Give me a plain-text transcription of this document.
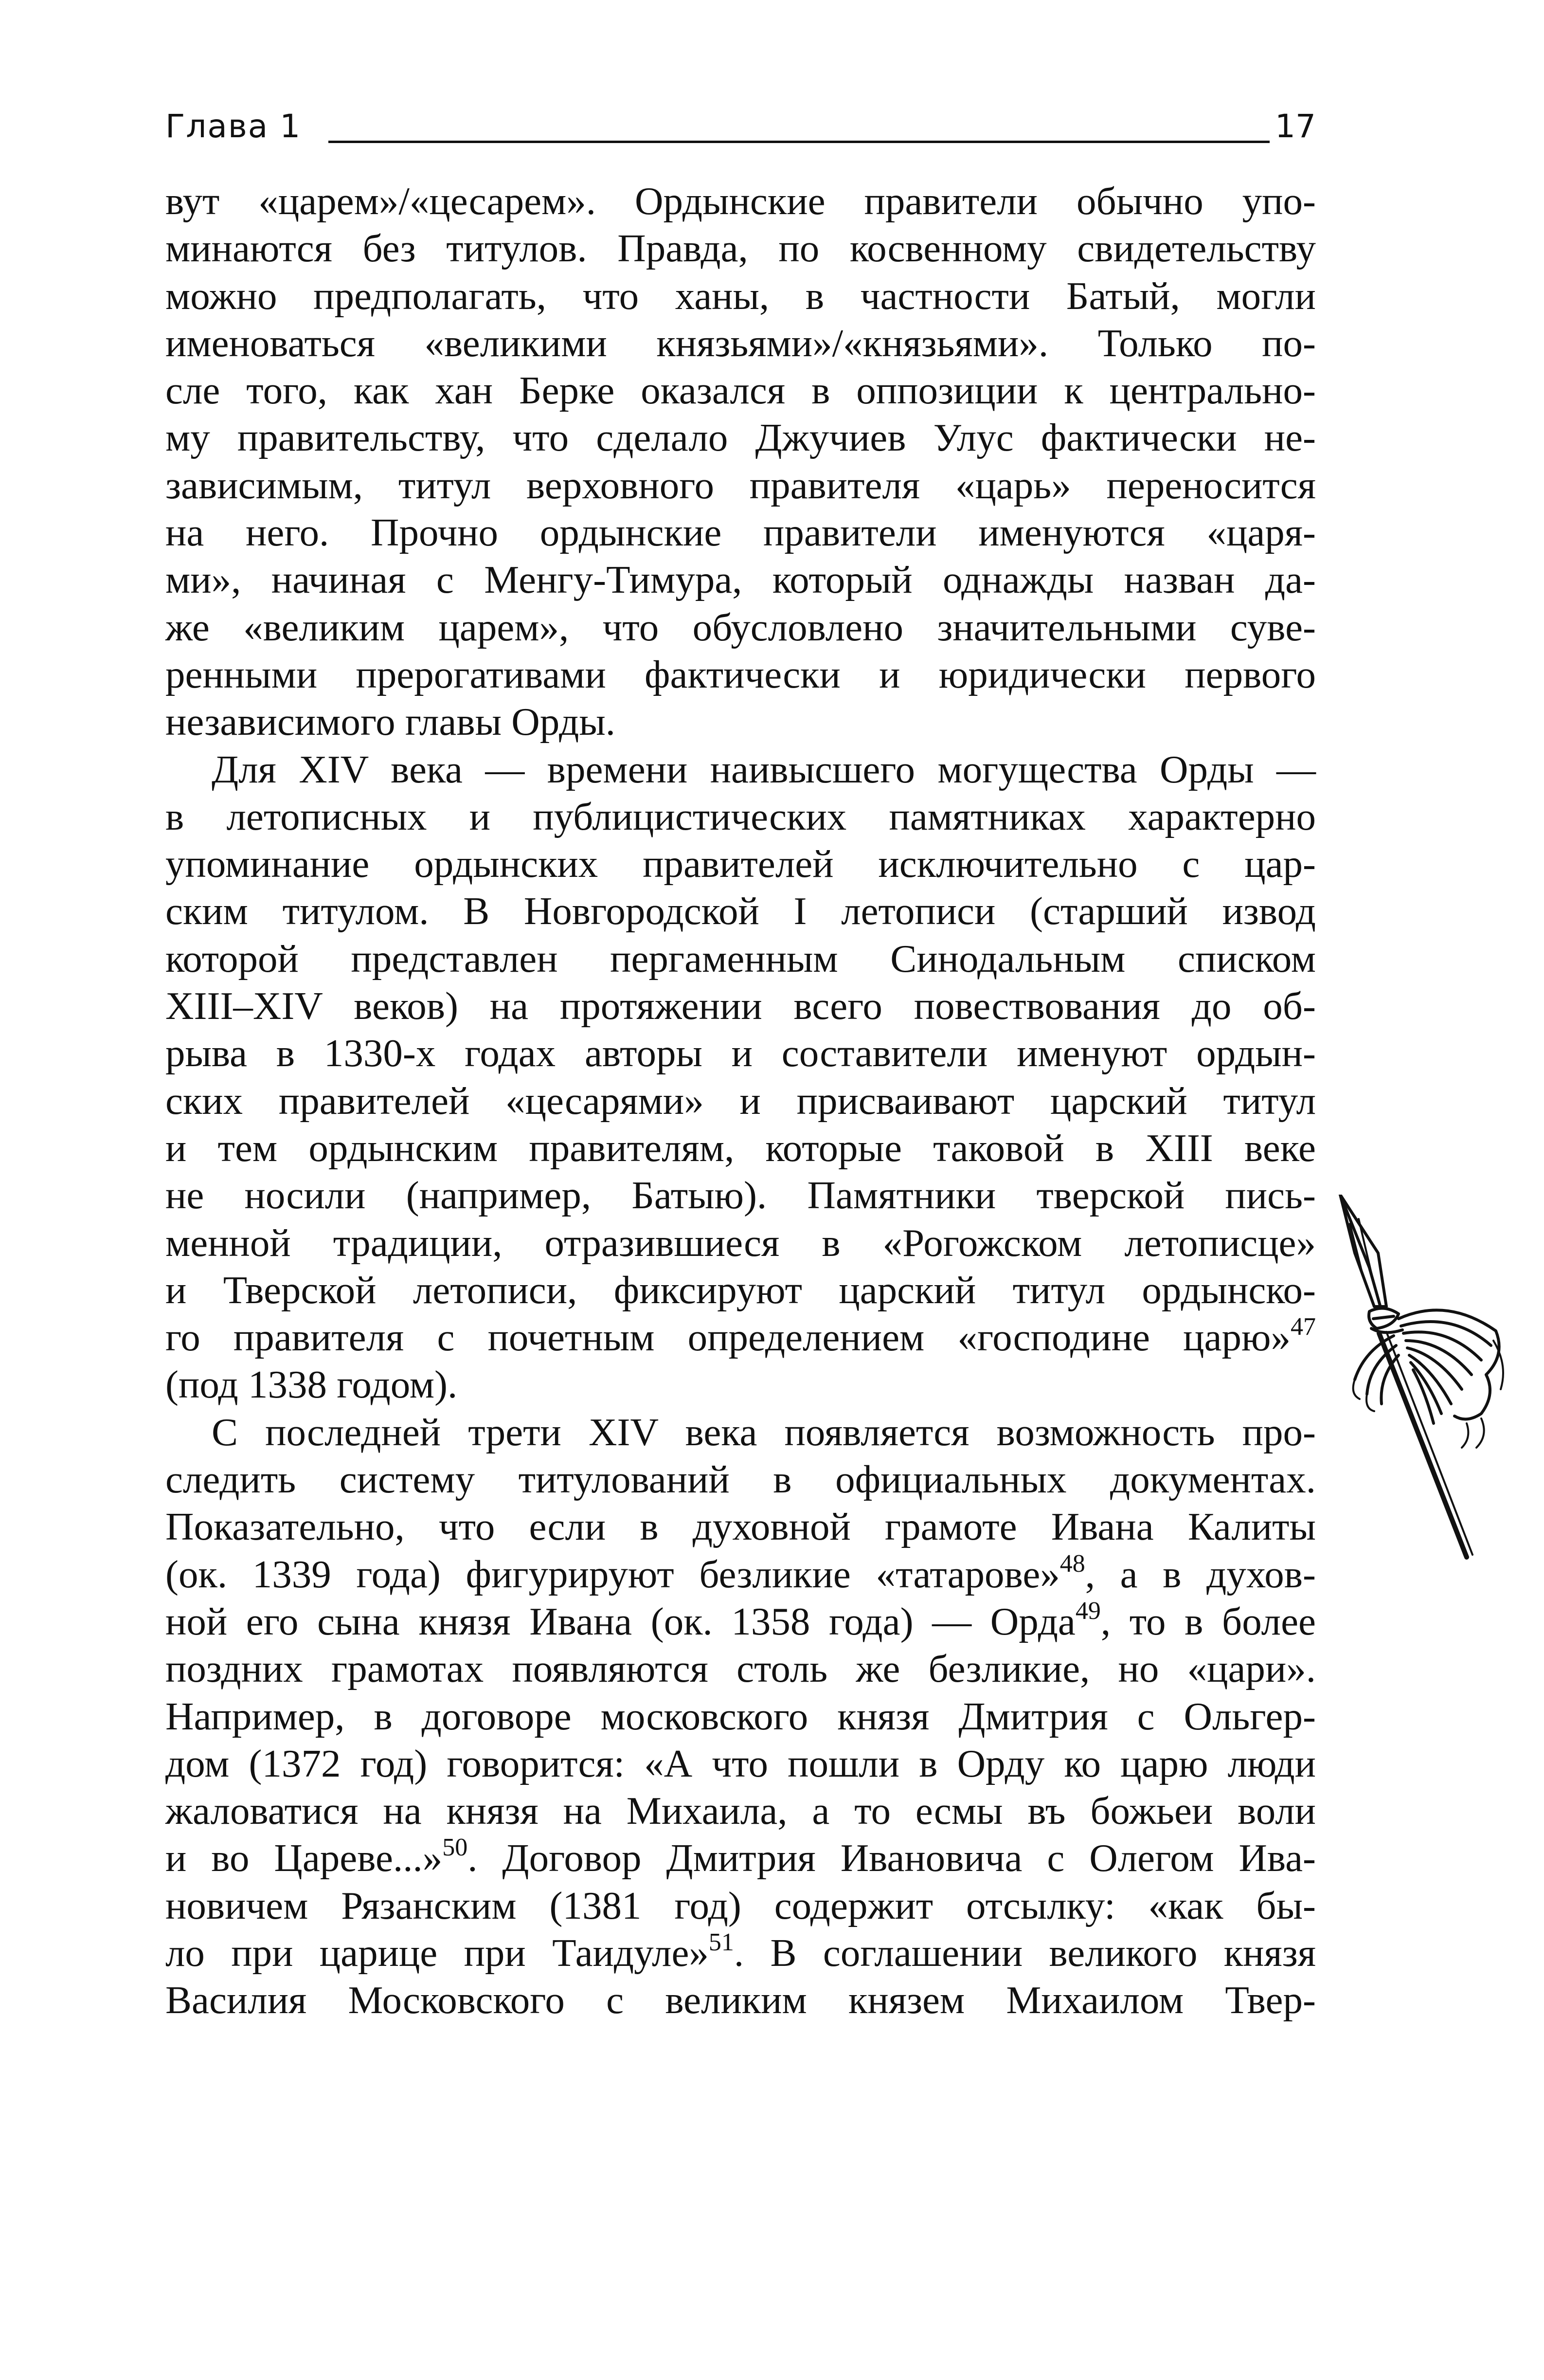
Глава 1	17

вут «царем»/«цесарем». Ордынские правители обычно упо-
минаются без титулов. Правда, по косвенному свидетельству
можно предполагать, что ханы, в частности Батый, могли
именоваться «великими князьями»/«князьями». Только по-
сле того, как хан Берке оказался в оппозиции к центрально-
му правительству, что сделало Джучиев Улус фактически не-
зависимым, титул верховного правителя «царь» переносится
на него. Прочно ордынские правители именуются «царя-
ми», начиная с Менгу-Тимура, который однажды назван да-
же «великим царем», что обусловлено значительными суве-
ренными прерогативами фактически и юридически первого
независимого главы Орды.

Для XIV века — времени наивысшего могущества Орды —
в летописных и публицистических памятниках характерно
упоминание ордынских правителей исключительно с цар-
ским титулом. В Новгородской I летописи (старший извод
которой представлен пергаменным Синодальным списком
XIII–XIV веков) на протяжении всего повествования до об-
рыва в 1330-х годах авторы и составители именуют ордын-
ских правителей «цесарями» и присваивают царский титул
и тем ордынским правителям, которые таковой в XIII веке
не носили (например, Батыю). Памятники тверской пись-
менной традиции, отразившиеся в «Рогожском летописце»
и Тверской летописи, фиксируют царский титул ордынско-
го правителя с почетным определением «господине царю»$^{47}$
(под 1338 годом).

С последней трети XIV века появляется возможность про-
следить систему титулований в официальных документах.
Показательно, что если в духовной грамоте Ивана Калиты
(ок. 1339 года) фигурируют безликие «татарове»$^{48}$, а в духов-
ной его сына князя Ивана (ок. 1358 года) — Орда$^{49}$, то в более
поздних грамотах появляются столь же безликие, но «цари».
Например, в договоре московского князя Дмитрия с Ольгер-
дом (1372 год) говорится: «А что пошли в Орду ко царю люди
жаловатися на князя на Михаила, а то есмы въ божьеи воли
и во Цареве...»$^{50}$. Договор Дмитрия Ивановича с Олегом Ива-
новичем Рязанским (1381 год) содержит отсылку: «как бы-
ло при царице при Таидуле»$^{51}$. В соглашении великого князя
Василия Московского с великим князем Михаилом Твер-
